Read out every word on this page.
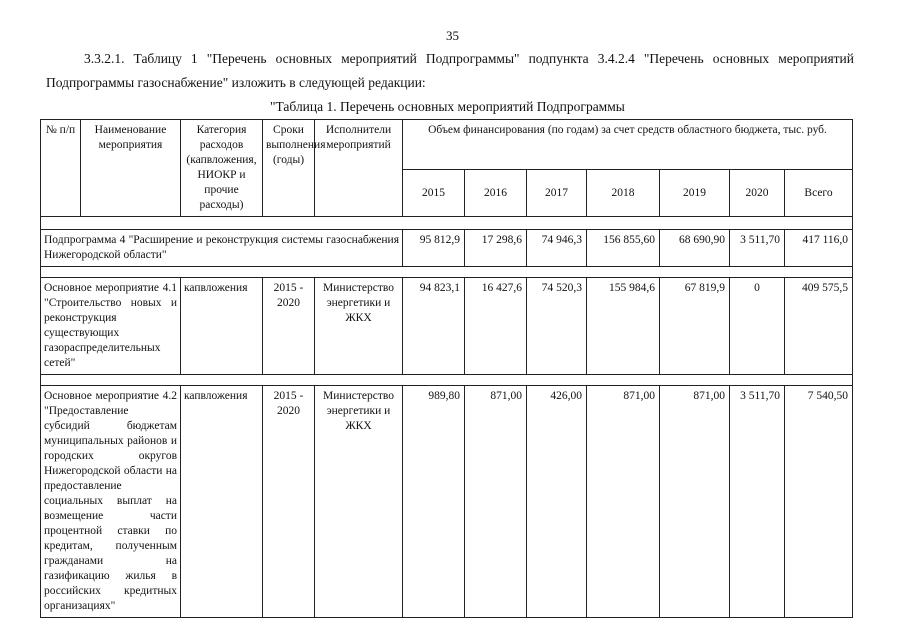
35
3.3.2.1. Таблицу 1 "Перечень основных мероприятий Подпрограммы" подпункта 3.4.2.4 "Перечень основных мероприятий Подпрограммы газоснабжение" изложить в следующей редакции:
"Таблица 1. Перечень основных мероприятий Подпрограммы
№ п/п	Наименование мероприятия	Категория расходов (капвложения, НИОКР и прочие расходы)	Сроки выполнения (годы)	Исполнители мероприятий	Объем финансирования (по годам) за счет средств областного бюджета, тыс. руб.						
					2015	2016	2017	2018	2019	2020	Всего

Подпрограмма 4 "Расширение и реконструкция системы газоснабжения Нижегородской области"					95 812,9	17 298,6	74 946,3	156 855,60	68 690,90	3 511,70	417 116,0

Основное мероприятие 4.1 "Строительство новых и реконструкция существующих газораспределительных сетей"		капвложения	2015 - 2020	Министерство энергетики и ЖКХ	94 823,1	16 427,6	74 520,3	155 984,6	67 819,9	0	409 575,5

Основное мероприятие 4.2 "Предоставление субсидий бюджетам муниципальных районов и городских округов Нижегородской области на предоставление социальных выплат на возмещение части процентной ставки по кредитам, полученным гражданами на газификацию жилья в российских кредитных организациях"		капвложения	2015 - 2020	Министерство энергетики и ЖКХ	989,80	871,00	426,00	871,00	871,00	3 511,70	7 540,50
